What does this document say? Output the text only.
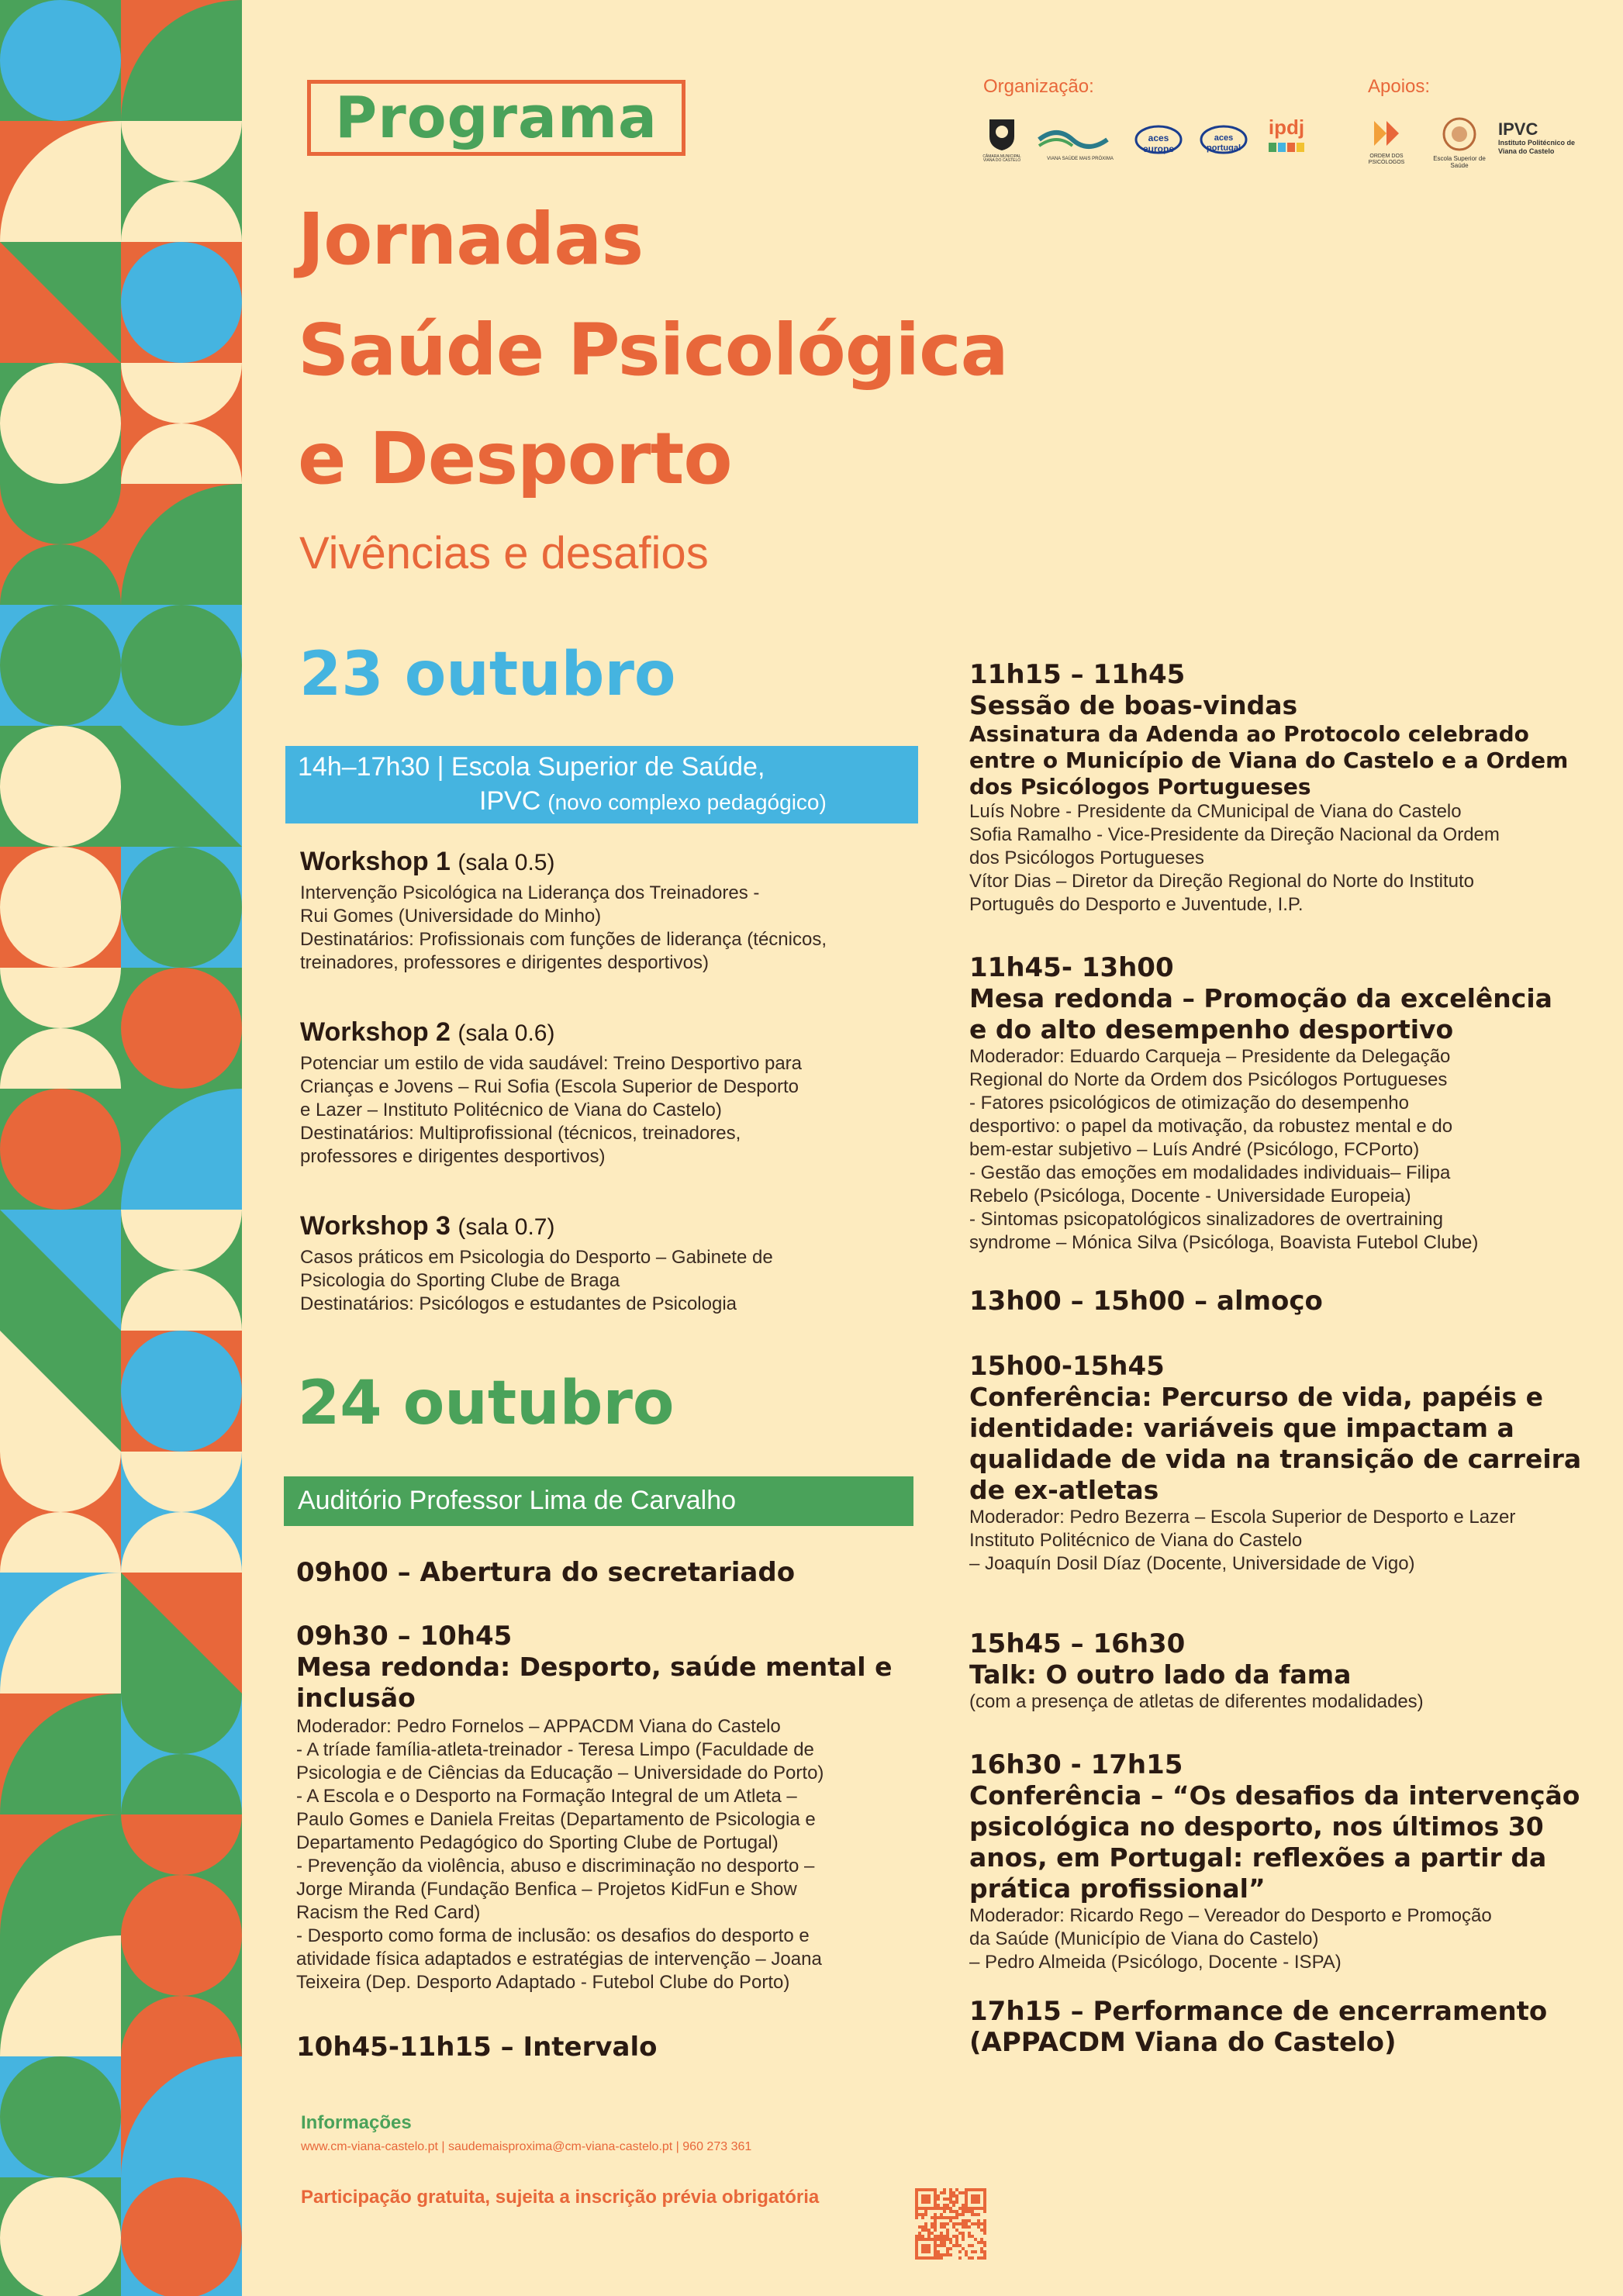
Programa
Jornadas
Saúde Psicológica
e Desporto
Vivências e desafios
Organização:	Apoios:
CÂMARA MUNICIPAL VIANA DO CASTELO	VIANA SAÚDE MAIS PRÓXIMA
aces europe
aces portugal
ipdj
ORDEM DOS PSICÓLOGOS
Escola Superior de Saúde
IPVC
Instituto Politécnico de Viana do Castelo
23 outubro
14h–17h30 | Escola Superior de Saúde,
IPVC (novo complexo pedagógico)
Workshop 1 (sala 0.5)
Intervenção Psicológica na Liderança dos Treinadores -
Rui Gomes (Universidade do Minho)
Destinatários: Profissionais com funções de liderança (técnicos,
treinadores, professores e dirigentes desportivos)
Workshop 2 (sala 0.6)
Potenciar um estilo de vida saudável: Treino Desportivo para
Crianças e Jovens – Rui Sofia (Escola Superior de Desporto
e Lazer – Instituto Politécnico de Viana do Castelo)
Destinatários: Multiprofissional (técnicos, treinadores,
professores e dirigentes desportivos)
Workshop 3 (sala 0.7)
Casos práticos em Psicologia do Desporto – Gabinete de
Psicologia do Sporting Clube de Braga
Destinatários: Psicólogos e estudantes de Psicologia
24 outubro
Auditório Professor Lima de Carvalho
09h00 – Abertura do secretariado
09h30 – 10h45
Mesa redonda: Desporto, saúde mental e
inclusão
Moderador: Pedro Fornelos – APPACDM Viana do Castelo
- A tríade família-atleta-treinador - Teresa Limpo (Faculdade de
Psicologia e de Ciências da Educação – Universidade do Porto)
- A Escola e o Desporto na Formação Integral de um Atleta –
Paulo Gomes e Daniela Freitas (Departamento de Psicologia e
Departamento Pedagógico do Sporting Clube de Portugal)
- Prevenção da violência, abuso e discriminação no desporto –
Jorge Miranda (Fundação Benfica – Projetos KidFun e Show
Racism the Red Card)
- Desporto como forma de inclusão: os desafios do desporto e
atividade física adaptados e estratégias de intervenção – Joana
Teixeira (Dep. Desporto Adaptado - Futebol Clube do Porto)
10h45-11h15 – Intervalo
11h15 – 11h45
Sessão de boas-vindas
Assinatura da Adenda ao Protocolo celebrado
entre o Município de Viana do Castelo e a Ordem
dos Psicólogos Portugueses
Luís Nobre - Presidente da CMunicipal de Viana do Castelo
Sofia Ramalho - Vice-Presidente da Direção Nacional da Ordem
dos Psicólogos Portugueses
Vítor Dias – Diretor da Direção Regional do Norte do Instituto
Português do Desporto e Juventude, I.P.
11h45- 13h00
Mesa redonda – Promoção da excelência
e do alto desempenho desportivo
Moderador: Eduardo Carqueja – Presidente da Delegação
Regional do Norte da Ordem dos Psicólogos Portugueses
- Fatores psicológicos de otimização do desempenho
desportivo: o papel da motivação, da robustez mental e do
bem-estar subjetivo – Luís André (Psicólogo, FCPorto)
- Gestão das emoções em modalidades individuais– Filipa
Rebelo (Psicóloga, Docente - Universidade Europeia)
- Sintomas psicopatológicos sinalizadores de overtraining
syndrome – Mónica Silva (Psicóloga, Boavista Futebol Clube)
13h00 – 15h00 – almoço
15h00-15h45
Conferência: Percurso de vida, papéis e
identidade: variáveis que impactam a
qualidade de vida na transição de carreira
de ex-atletas
Moderador: Pedro Bezerra – Escola Superior de Desporto e Lazer
Instituto Politécnico de Viana do Castelo
– Joaquín Dosil Díaz (Docente, Universidade de Vigo)
15h45 – 16h30
Talk: O outro lado da fama
(com a presença de atletas de diferentes modalidades)
16h30 - 17h15
Conferência – “Os desafios da intervenção
psicológica no desporto, nos últimos 30
anos, em Portugal: reflexões a partir da
prática profissional”
Moderador: Ricardo Rego – Vereador do Desporto e Promoção
da Saúde (Município de Viana do Castelo)
– Pedro Almeida (Psicólogo, Docente - ISPA)
17h15 – Performance de encerramento
(APPACDM Viana do Castelo)
Informações
www.cm-viana-castelo.pt | saudemaisproxima@cm-viana-castelo.pt | 960 273 361
Participação gratuita, sujeita a inscrição prévia obrigatória
